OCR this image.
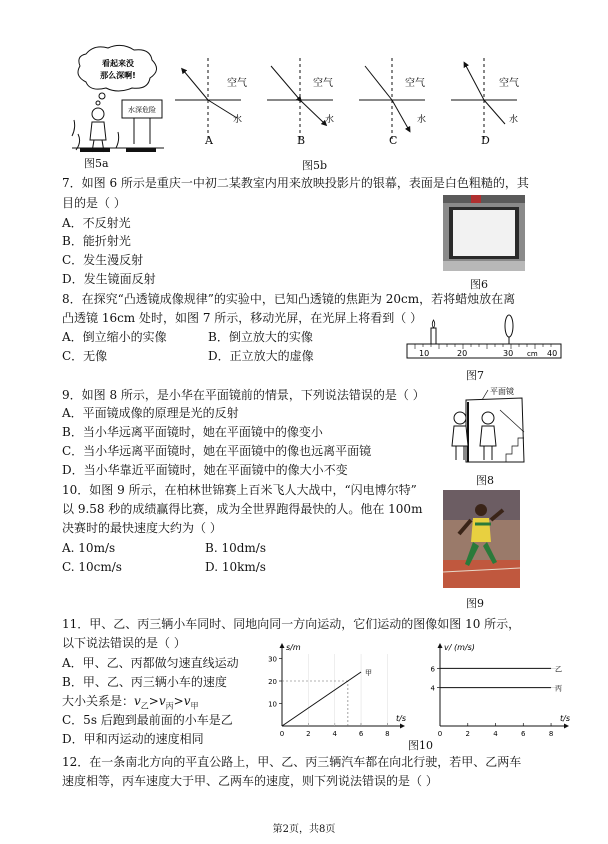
看起来没
那么深啊!
水深危险
图5a
空气
水
空气
水
空气
水
空气
水
A	B	C	D
图5b
7．如图 6 所示是重庆一中初二某教室内用来放映投影片的银幕，表面是白色粗糙的，其
目的是（ ）
A．不反射光
B．能折射光
C．发生漫反射
D．发生镜面反射	图6
8．在探究“凸透镜成像规律”的实验中，已知凸透镜的焦距为 20cm，若将蜡烛放在离
凸透镜 16cm 处时，如图 7 所示，移动光屏，在光屏上将看到（ ）
A．倒立缩小的实像	B．倒立放大的实像
C．无像	D．正立放大的虚像	10	20	30 cm 40
图7
9．如图 8 所示，是小华在平面镜前的情景，下列说法错误的是（ ）
A．平面镜成像的原理是光的反射
B．当小华远离平面镜时，她在平面镜中的像变小
C．当小华远离平面镜时，她在平面镜中的像也远离平面镜
D．当小华靠近平面镜时，她在平面镜中的像大小不变
平面镜
图8
10．如图 9 所示，在柏林世锦赛上百米飞人大战中，“闪电博尔特”
以 9.58 秒的成绩赢得比赛，成为全世界跑得最快的人。他在 100m
决赛时的最快速度大约为（ ）
A. 10m/s	B. 10dm/s
C. 10cm/s	D. 10km/s
图9
11．甲、乙、丙三辆小车同时、同地向同一方向运动，它们运动的图像如图 10 所示，
以下说法错误的是（ ）
A．甲、乙、丙都做匀速直线运动
B．甲、乙、丙三辆小车的速度
大小关系是：$v_乙>v_丙>v_甲$
C．5s 后跑到最前面的小车是乙
D．甲和丙运动的速度相同
s/m
t/s
0	2	4	6	8
10
20
30
甲
v/ (m/s)
t/s
0	2	4	6	8
4
6	乙
丙
图10
12．在一条南北方向的平直公路上，甲、乙、丙三辆汽车都在向北行驶，若甲、乙两车
速度相等，丙车速度大于甲、乙两车的速度，则下列说法错误的是（ ）
第2页，共8页
